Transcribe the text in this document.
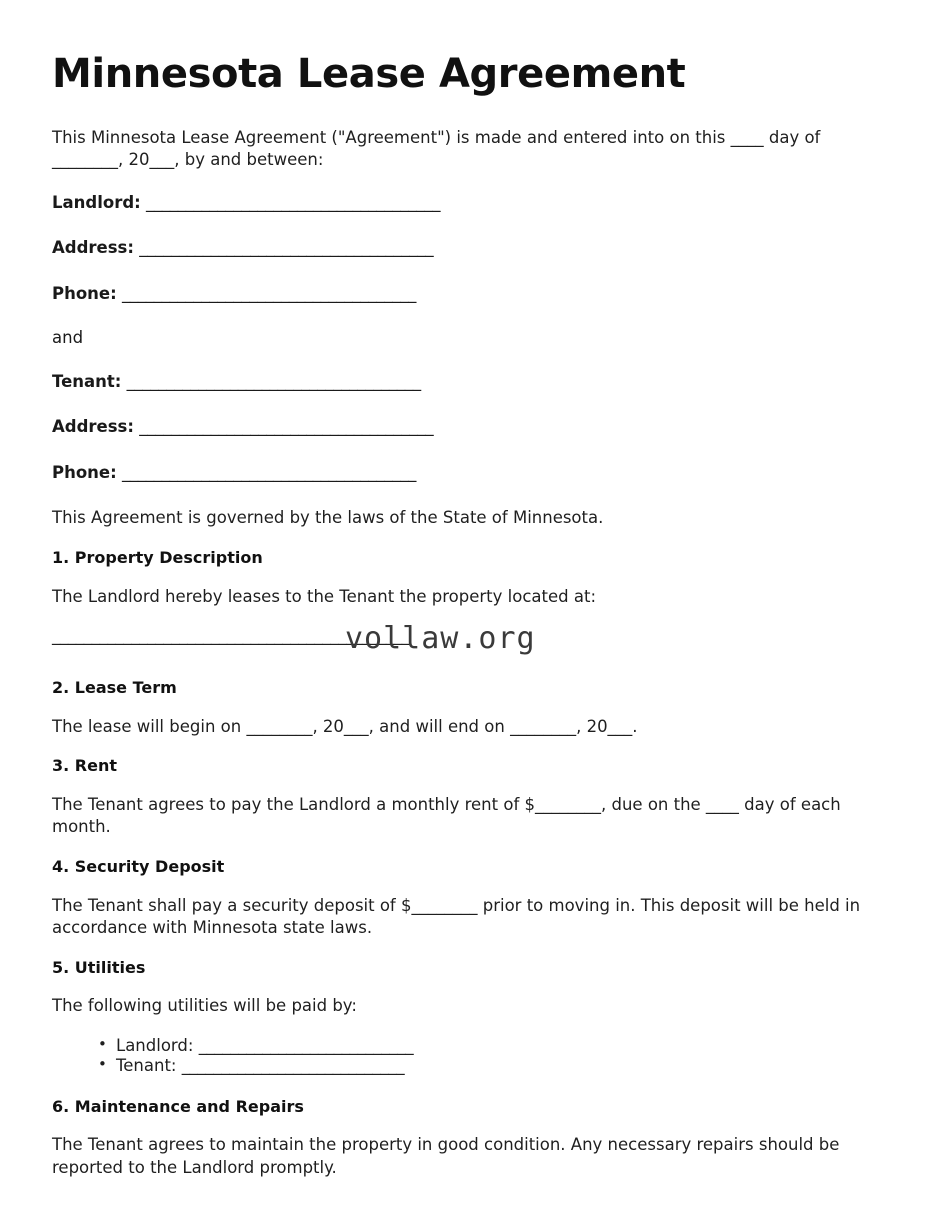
Minnesota Lease Agreement

This Minnesota Lease Agreement ("Agreement") is made and entered into on this ____ day of ________, 20___, by and between:

Landlord: _____________________________________
Address: _____________________________________
Phone: _____________________________________
and
Tenant: _____________________________________
Address: _____________________________________
Phone: _____________________________________

This Agreement is governed by the laws of the State of Minnesota.

1. Property Description

The Landlord hereby leases to the Tenant the property located at:

_____________________________________________
vollaw.org
2. Lease Term

The lease will begin on ________, 20___, and will end on ________, 20___.

3. Rent

The Tenant agrees to pay the Landlord a monthly rent of $________, due on the ____ day of each month.

4. Security Deposit

The Tenant shall pay a security deposit of $________ prior to moving in. This deposit will be held in accordance with Minnesota state laws.

5. Utilities

The following utilities will be paid by:

• Landlord: ___________________________
• Tenant: ____________________________
6. Maintenance and Repairs

The Tenant agrees to maintain the property in good condition. Any necessary repairs should be reported to the Landlord promptly.
